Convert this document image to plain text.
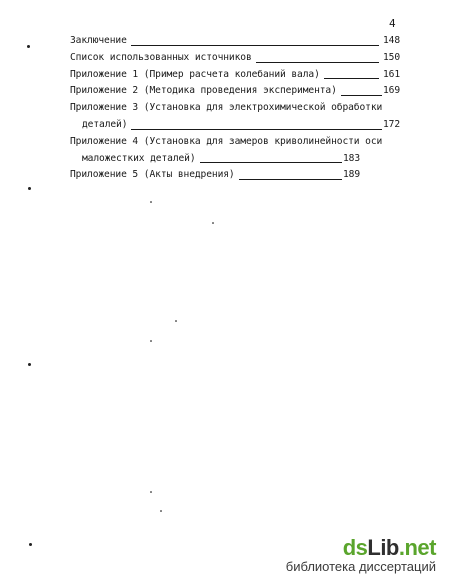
4
Заключение	148
Список использованных источников	150
Приложение 1 (Пример расчета колебаний вала)	161
Приложение 2 (Методика проведения эксперимента)	169
Приложение 3 (Установка для электрохимической обработки
деталей)	172
Приложение 4 (Установка для замеров криволинейности оси
маложестких деталей)	183
Приложение 5 (Акты внедрения)	189
dsLib.net
библиотека диссертаций
